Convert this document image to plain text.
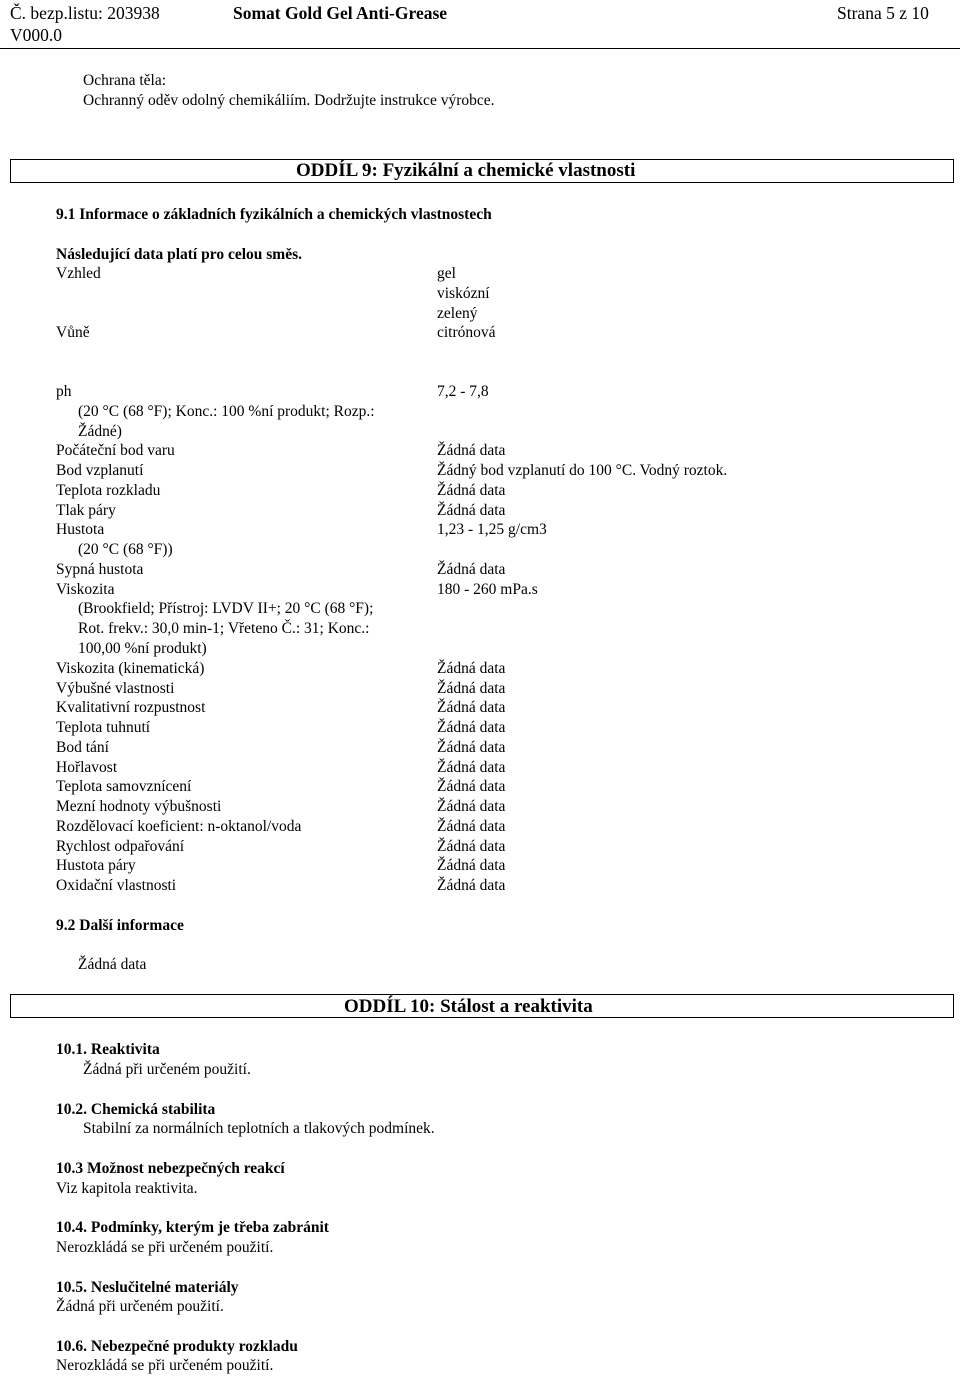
Č. bezp.listu: 203938
V000.0
Somat Gold Gel Anti-Grease	Strana 5 z 10
Ochrana těla:
Ochranný oděv odolný chemikáliím. Dodržujte instrukce výrobce.
ODDÍL 9: Fyzikální a chemické vlastnosti
9.1 Informace o základních fyzikálních a chemických vlastnostech
Následující data platí pro celou směs.
Vzhled	gel
viskózní
zelený
Vůně	citrónová
ph	7,2 - 7,8
(20 °C (68 °F); Konc.: 100 %ní produkt; Rozp.:
Žádné)
Počáteční bod varu	Žádná data
Bod vzplanutí	Žádný bod vzplanutí do 100 °C. Vodný roztok.
Teplota rozkladu	Žádná data
Tlak páry	Žádná data
Hustota	1,23 - 1,25 g/cm3
(20 °C (68 °F))
Sypná hustota	Žádná data
Viskozita	180 - 260 mPa.s
(Brookfield; Přístroj: LVDV II+; 20 °C (68 °F);
Rot. frekv.: 30,0 min-1; Vřeteno Č.: 31; Konc.:
100,00 %ní produkt)
Viskozita (kinematická)	Žádná data
Výbušné vlastnosti	Žádná data
Kvalitativní rozpustnost	Žádná data
Teplota tuhnutí	Žádná data
Bod tání	Žádná data
Hořlavost	Žádná data
Teplota samovznícení	Žádná data
Mezní hodnoty výbušnosti	Žádná data
Rozdělovací koeficient: n-oktanol/voda	Žádná data
Rychlost odpařování	Žádná data
Hustota páry	Žádná data
Oxidační vlastnosti	Žádná data
9.2 Další informace
Žádná data
ODDÍL 10: Stálost a reaktivita
10.1. Reaktivita
Žádná při určeném použití.
10.2. Chemická stabilita
Stabilní za normálních teplotních a tlakových podmínek.
10.3 Možnost nebezpečných reakcí
Viz kapitola reaktivita.
10.4. Podmínky, kterým je třeba zabránit
Nerozkládá se při určeném použití.
10.5. Neslučitelné materiály
Žádná při určeném použití.
10.6. Nebezpečné produkty rozkladu
Nerozkládá se při určeném použití.
